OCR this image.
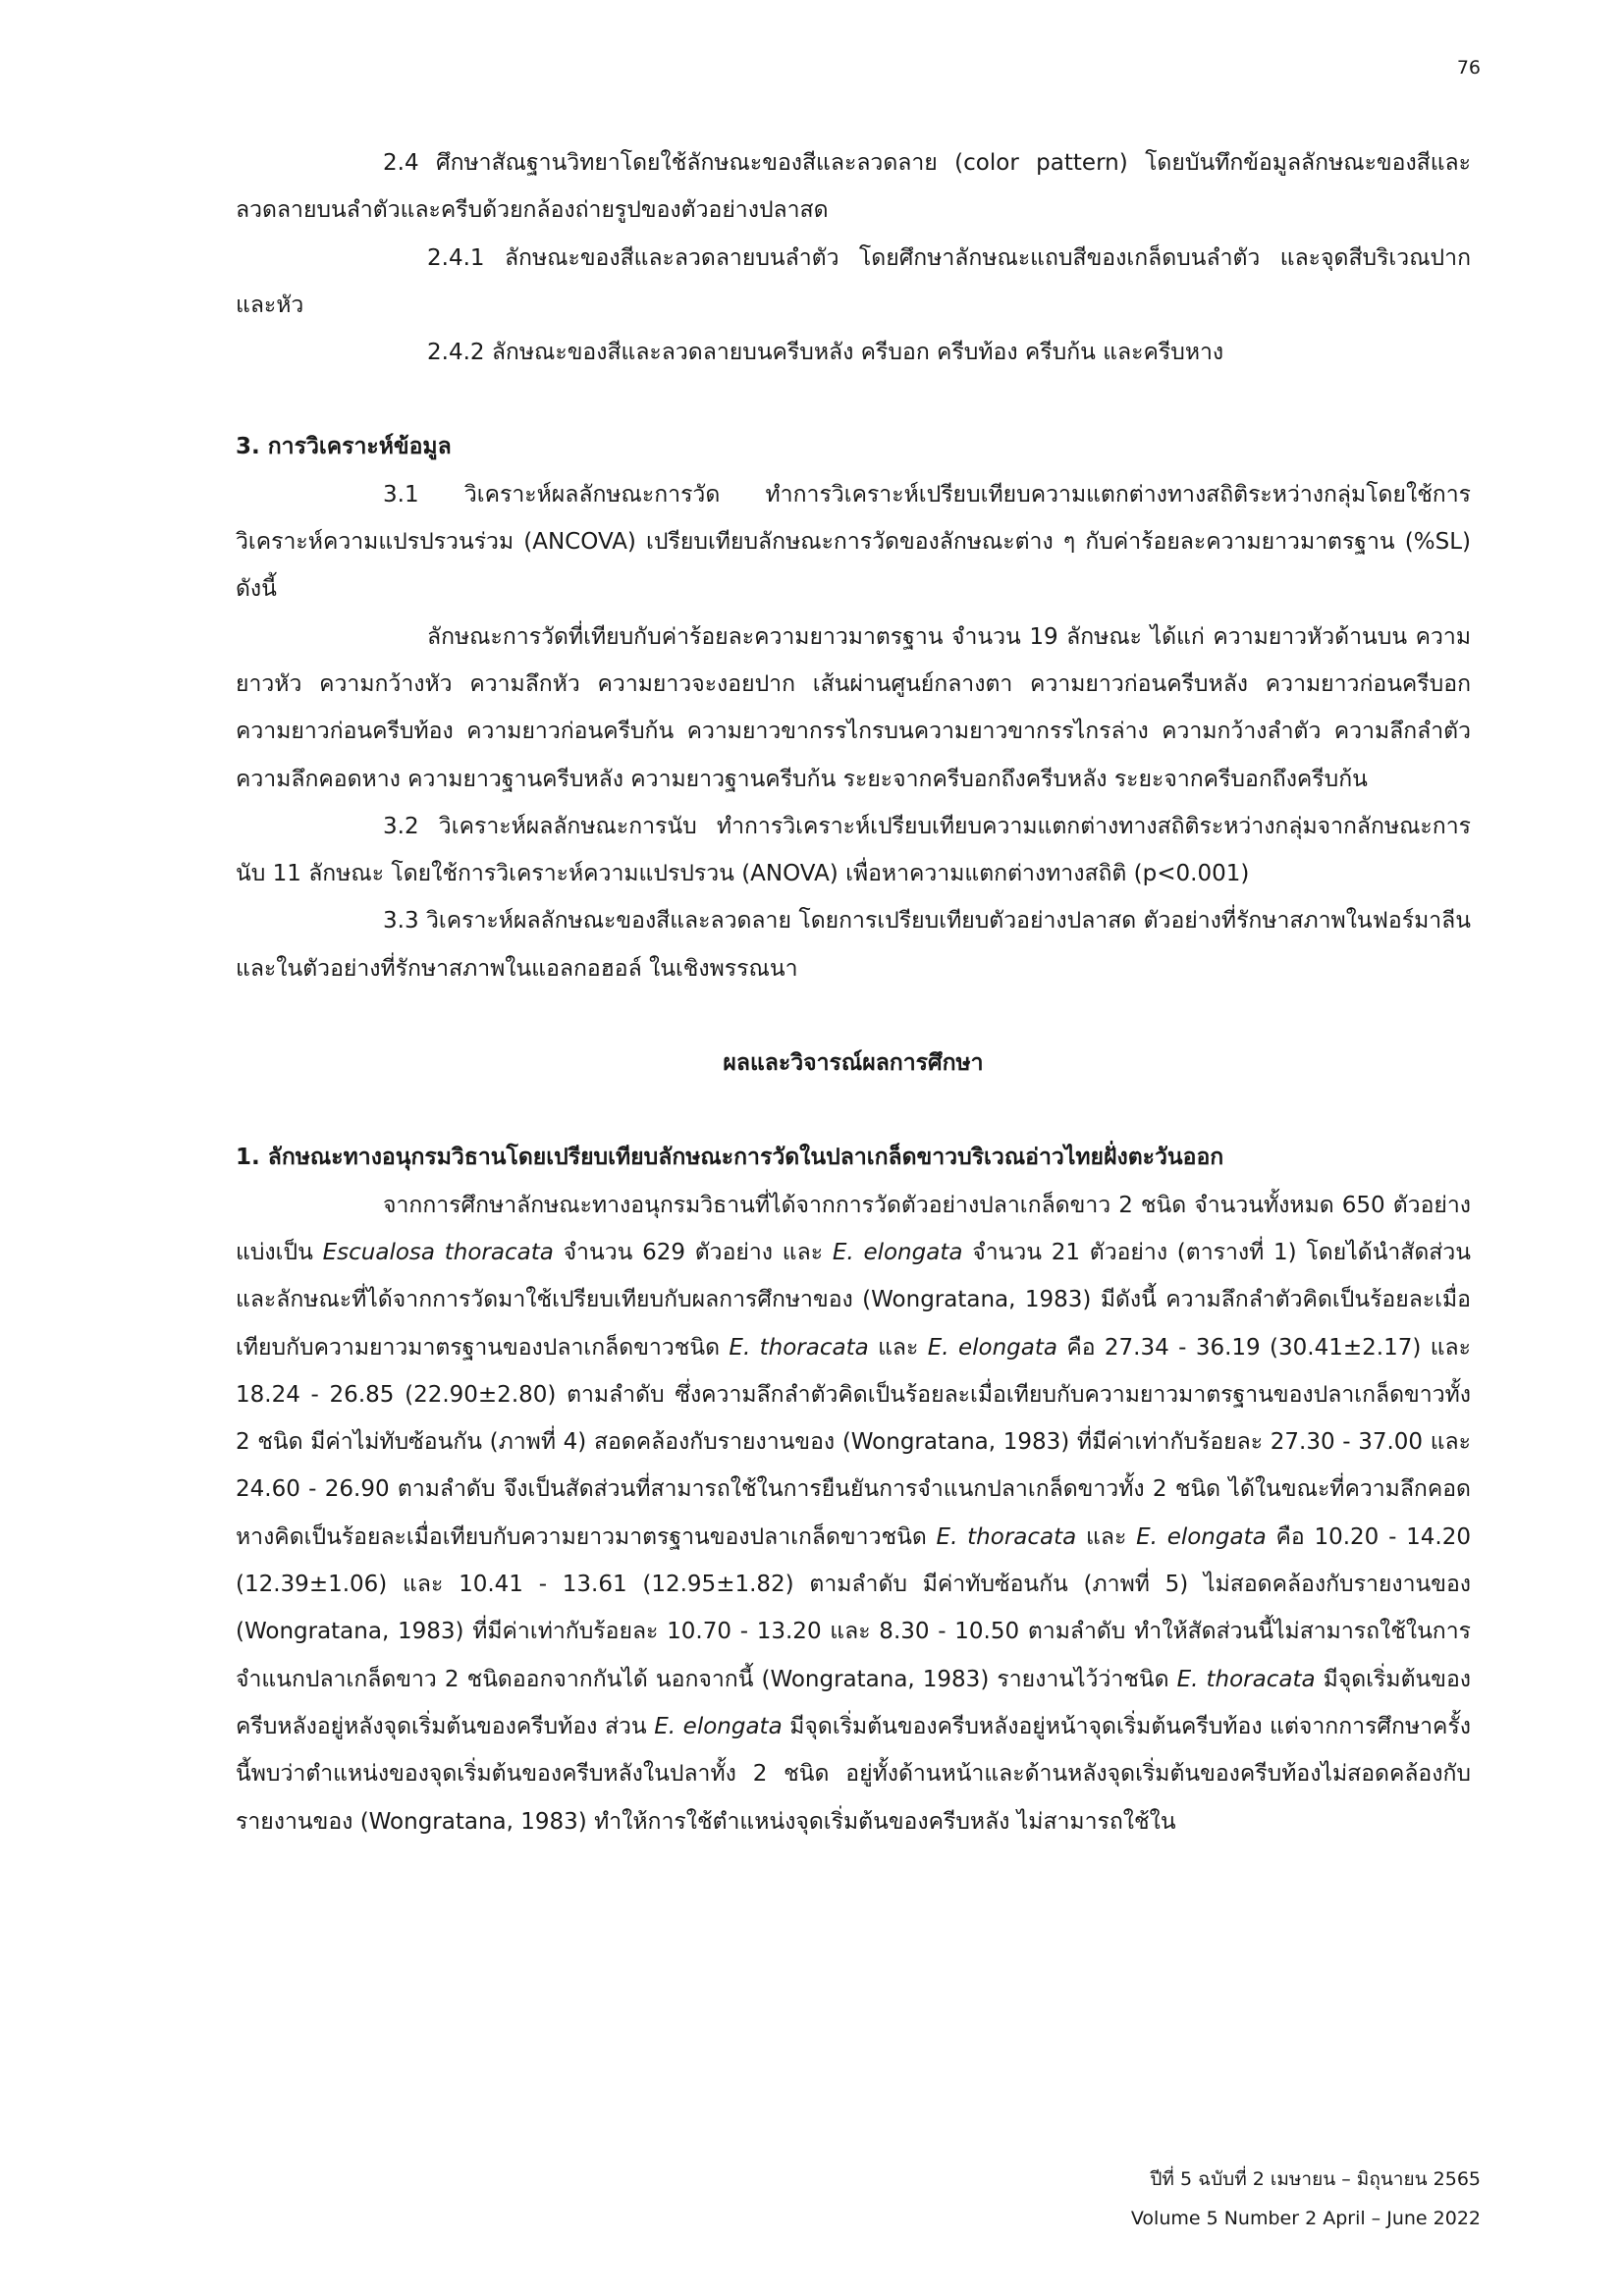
76

2.4 ศึกษาสัณฐานวิทยาโดยใช้ลักษณะของสีและลวดลาย (color pattern) โดยบันทึกข้อมูลลักษณะของสีและลวดลายบนลำตัวและครีบด้วยกล้องถ่ายรูปของตัวอย่างปลาสด

2.4.1 ลักษณะของสีและลวดลายบนลำตัว โดยศึกษาลักษณะแถบสีของเกล็ดบนลำตัว และจุดสีบริเวณปากและหัว

2.4.2 ลักษณะของสีและลวดลายบนครีบหลัง ครีบอก ครีบท้อง ครีบก้น และครีบหาง

3. การวิเคราะห์ข้อมูล

3.1 วิเคราะห์ผลลักษณะการวัด ทำการวิเคราะห์เปรียบเทียบความแตกต่างทางสถิติระหว่างกลุ่มโดยใช้การวิเคราะห์ความแปรปรวนร่วม (ANCOVA) เปรียบเทียบลักษณะการวัดของลักษณะต่าง ๆ กับค่าร้อยละความยาวมาตรฐาน (%SL) ดังนี้

ลักษณะการวัดที่เทียบกับค่าร้อยละความยาวมาตรฐาน จำนวน 19 ลักษณะ ได้แก่ ความยาวหัวด้านบน ความยาวหัว ความกว้างหัว ความลึกหัว ความยาวจะงอยปาก เส้นผ่านศูนย์กลางตา ความยาวก่อนครีบหลัง ความยาวก่อนครีบอก ความยาวก่อนครีบท้อง ความยาวก่อนครีบก้น ความยาวขากรรไกรบนความยาวขากรรไกรล่าง ความกว้างลำตัว ความลึกลำตัว ความลึกคอดหาง ความยาวฐานครีบหลัง ความยาวฐานครีบก้น ระยะจากครีบอกถึงครีบหลัง ระยะจากครีบอกถึงครีบก้น

3.2 วิเคราะห์ผลลักษณะการนับ ทำการวิเคราะห์เปรียบเทียบความแตกต่างทางสถิติระหว่างกลุ่มจากลักษณะการนับ 11 ลักษณะ โดยใช้การวิเคราะห์ความแปรปรวน (ANOVA) เพื่อหาความแตกต่างทางสถิติ (p<0.001)

3.3 วิเคราะห์ผลลักษณะของสีและลวดลาย โดยการเปรียบเทียบตัวอย่างปลาสด ตัวอย่างที่รักษาสภาพในฟอร์มาลีน และในตัวอย่างที่รักษาสภาพในแอลกอฮอล์ ในเชิงพรรณนา

ผลและวิจารณ์ผลการศึกษา

1. ลักษณะทางอนุกรมวิธานโดยเปรียบเทียบลักษณะการวัดในปลาเกล็ดขาวบริเวณอ่าวไทยฝั่งตะวันออก

จากการศึกษาลักษณะทางอนุกรมวิธานที่ได้จากการวัดตัวอย่างปลาเกล็ดขาว 2 ชนิด จำนวนทั้งหมด 650 ตัวอย่าง แบ่งเป็น Escualosa thoracata จำนวน 629 ตัวอย่าง และ E. elongata จำนวน 21 ตัวอย่าง (ตารางที่ 1) โดยได้นำสัดส่วนและลักษณะที่ได้จากการวัดมาใช้เปรียบเทียบกับผลการศึกษาของ (Wongratana, 1983) มีดังนี้ ความลึกลำตัวคิดเป็นร้อยละเมื่อเทียบกับความยาวมาตรฐานของปลาเกล็ดขาวชนิด E. thoracata และ E. elongata คือ 27.34 - 36.19 (30.41±2.17) และ 18.24 - 26.85 (22.90±2.80) ตามลำดับ ซึ่งความลึกลำตัวคิดเป็นร้อยละเมื่อเทียบกับความยาวมาตรฐานของปลาเกล็ดขาวทั้ง 2 ชนิด มีค่าไม่ทับซ้อนกัน (ภาพที่ 4) สอดคล้องกับรายงานของ (Wongratana, 1983) ที่มีค่าเท่ากับร้อยละ 27.30 - 37.00 และ 24.60 - 26.90 ตามลำดับ จึงเป็นสัดส่วนที่สามารถใช้ในการยืนยันการจำแนกปลาเกล็ดขาวทั้ง 2 ชนิด ได้ในขณะที่ความลึกคอดหางคิดเป็นร้อยละเมื่อเทียบกับความยาวมาตรฐานของปลาเกล็ดขาวชนิด E. thoracata และ E. elongata คือ 10.20 - 14.20 (12.39±1.06) และ 10.41 - 13.61 (12.95±1.82) ตามลำดับ มีค่าทับซ้อนกัน (ภาพที่ 5) ไม่สอดคล้องกับรายงานของ (Wongratana, 1983) ที่มีค่าเท่ากับร้อยละ 10.70 - 13.20 และ 8.30 - 10.50 ตามลำดับ ทำให้สัดส่วนนี้ไม่สามารถใช้ในการจำแนกปลาเกล็ดขาว 2 ชนิดออกจากกันได้ นอกจากนี้ (Wongratana, 1983) รายงานไว้ว่าชนิด E. thoracata มีจุดเริ่มต้นของครีบหลังอยู่หลังจุดเริ่มต้นของครีบท้อง ส่วน E. elongata มีจุดเริ่มต้นของครีบหลังอยู่หน้าจุดเริ่มต้นครีบท้อง แต่จากการศึกษาครั้งนี้พบว่าตำแหน่งของจุดเริ่มต้นของครีบหลังในปลาทั้ง 2 ชนิด อยู่ทั้งด้านหน้าและด้านหลังจุดเริ่มต้นของครีบท้องไม่สอดคล้องกับรายงานของ (Wongratana, 1983) ทำให้การใช้ตำแหน่งจุดเริ่มต้นของครีบหลัง ไม่สามารถใช้ใน

ปีที่ 5 ฉบับที่ 2 เมษายน – มิถุนายน 2565
Volume 5 Number 2 April – June 2022
